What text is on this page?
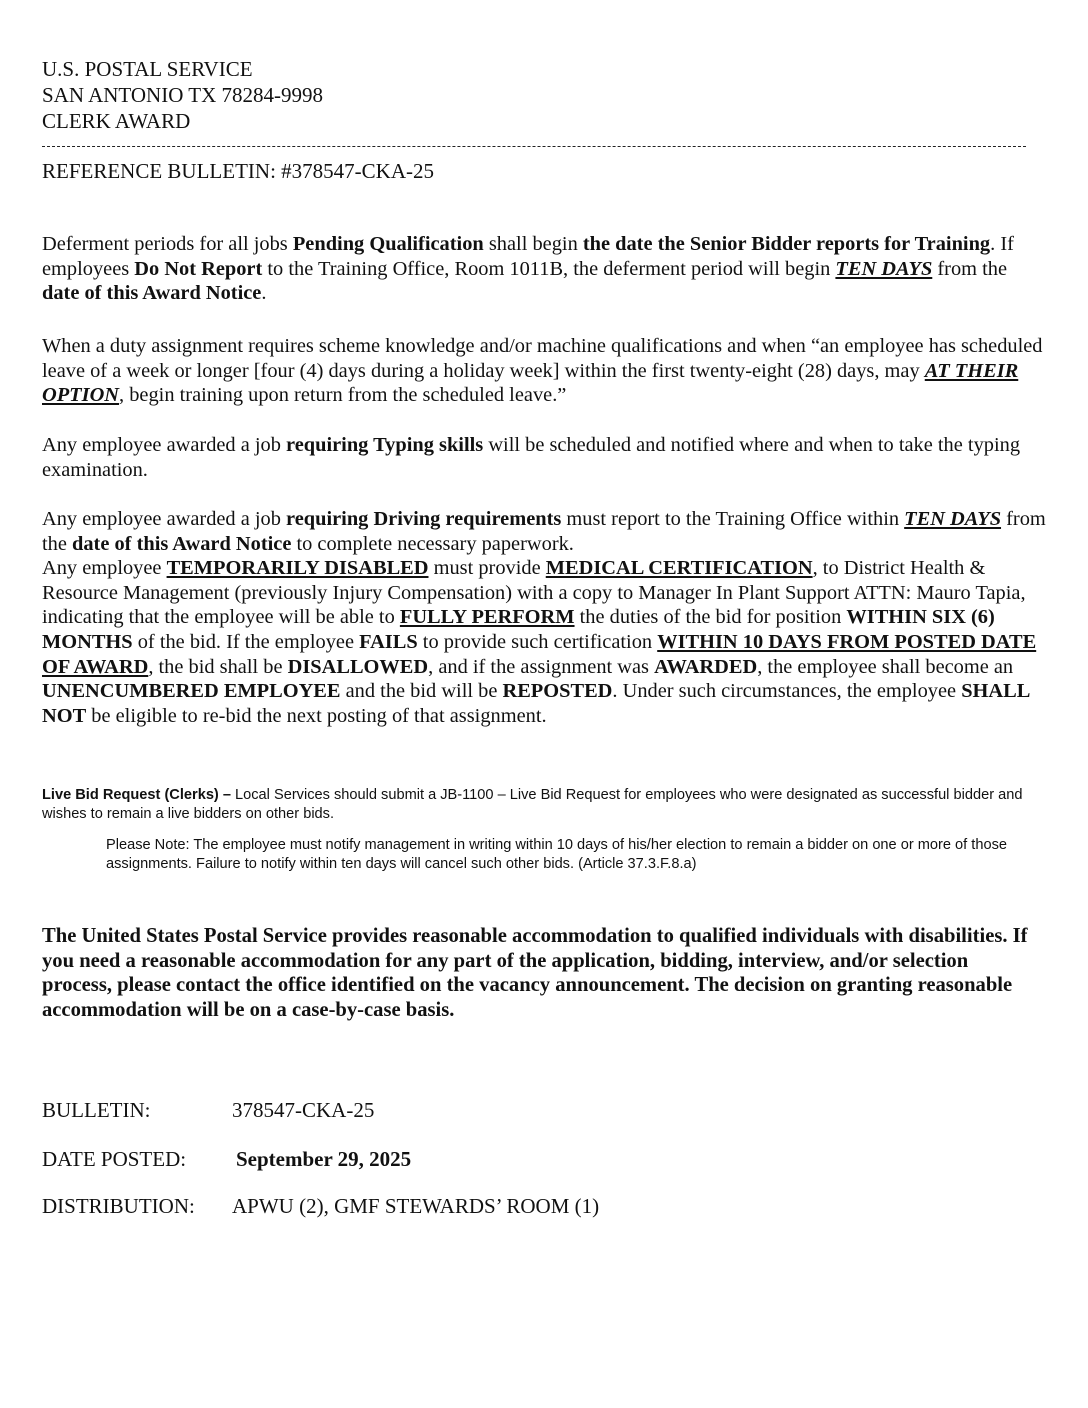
U.S. POSTAL SERVICE
SAN ANTONIO TX 78284-9998
CLERK AWARD
REFERENCE BULLETIN: #378547-CKA-25
Deferment periods for all jobs Pending Qualification shall begin the date the Senior Bidder reports for Training. If employees Do Not Report to the Training Office, Room 1011B, the deferment period will begin TEN DAYS from the date of this Award Notice.
When a duty assignment requires scheme knowledge and/or machine qualifications and when “an employee has scheduled leave of a week or longer [four (4) days during a holiday week] within the first twenty-eight (28) days, may AT THEIR OPTION, begin training upon return from the scheduled leave.”
Any employee awarded a job requiring Typing skills will be scheduled and notified where and when to take the typing examination.
Any employee awarded a job requiring Driving requirements must report to the Training Office within TEN DAYS from the date of this Award Notice to complete necessary paperwork.
Any employee TEMPORARILY DISABLED must provide MEDICAL CERTIFICATION, to District Health & Resource Management (previously Injury Compensation) with a copy to Manager In Plant Support ATTN: Mauro Tapia, indicating that the employee will be able to FULLY PERFORM the duties of the bid for position WITHIN SIX (6) MONTHS of the bid. If the employee FAILS to provide such certification WITHIN 10 DAYS FROM POSTED DATE OF AWARD, the bid shall be DISALLOWED, and if the assignment was AWARDED, the employee shall become an UNENCUMBERED EMPLOYEE and the bid will be REPOSTED. Under such circumstances, the employee SHALL NOT be eligible to re-bid the next posting of that assignment.
Live Bid Request (Clerks) – Local Services should submit a JB-1100 – Live Bid Request for employees who were designated as successful bidder and wishes to remain a live bidders on other bids.
Please Note: The employee must notify management in writing within 10 days of his/her election to remain a bidder on one or more of those assignments. Failure to notify within ten days will cancel such other bids. (Article 37.3.F.8.a)
The United States Postal Service provides reasonable accommodation to qualified individuals with disabilities. If you need a reasonable accommodation for any part of the application, bidding, interview, and/or selection process, please contact the office identified on the vacancy announcement. The decision on granting reasonable accommodation will be on a case-by-case basis.
BULLETIN:	378547-CKA-25
DATE POSTED: September 29, 2025
DISTRIBUTION: APWU (2), GMF STEWARDS’ ROOM (1)
